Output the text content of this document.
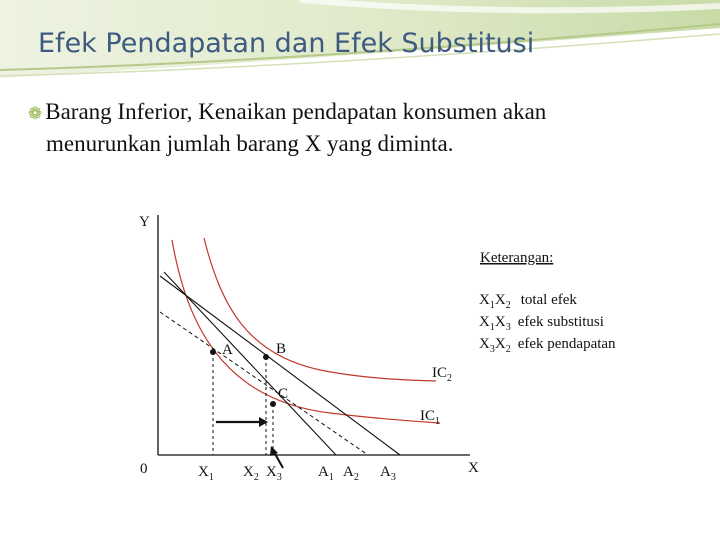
Efek Pendapatan dan Efek Substitusi
❁ Barang Inferior, Kenaikan pendapatan konsumen akan
menurunkan jumlah barang X yang diminta.
Y
X
0
A	B
C
$IC_2$
$IC_1$
$X_1$ $X_2$ $X_3$ $A_1$ $A_2$ $A_3$
Keterangan:
$X_1X_2$ total efek
$X_1X_3$ efek substitusi
$X_3X_2$ efek pendapatan
